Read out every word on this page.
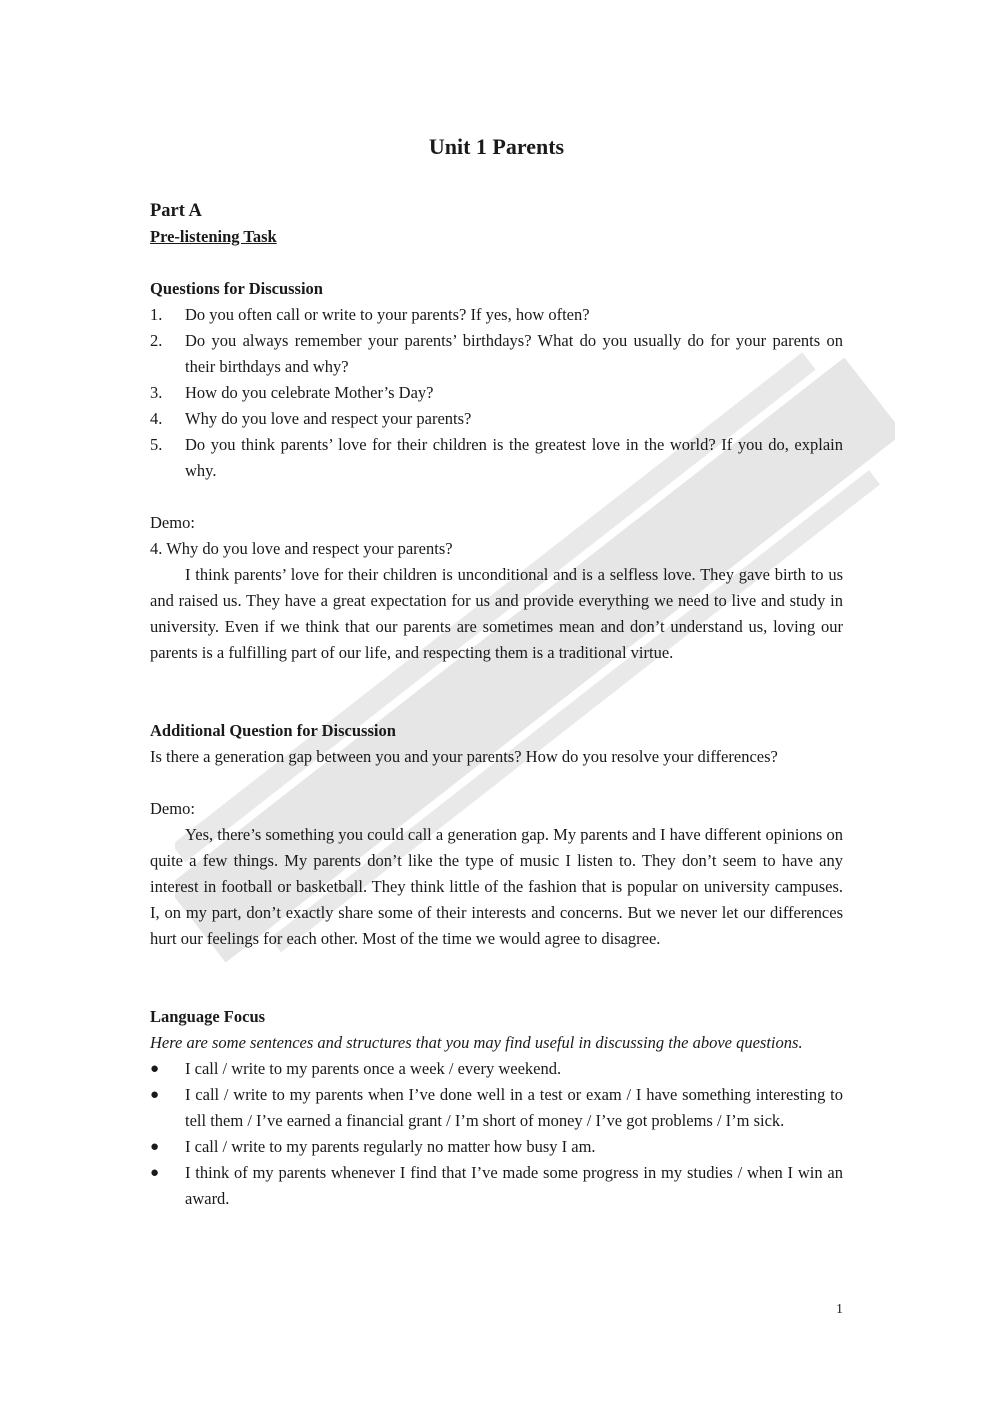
Unit 1 Parents

Part A

Pre-listening Task

Questions for Discussion

1. Do you often call or write to your parents? If yes, how often?
2. Do you always remember your parents’ birthdays? What do you usually do for your parents on their birthdays and why?
3. How do you celebrate Mother’s Day?
4. Why do you love and respect your parents?
5. Do you think parents’ love for their children is the greatest love in the world? If you do, explain why.

Demo:

4. Why do you love and respect your parents?

I think parents’ love for their children is unconditional and is a selfless love. They gave birth to us and raised us. They have a great expectation for us and provide everything we need to live and study in university. Even if we think that our parents are sometimes mean and don’t understand us, loving our parents is a fulfilling part of our life, and respecting them is a traditional virtue.

Additional Question for Discussion

Is there a generation gap between you and your parents? How do you resolve your differences?

Demo:

Yes, there’s something you could call a generation gap. My parents and I have different opinions on quite a few things. My parents don’t like the type of music I listen to. They don’t seem to have any interest in football or basketball. They think little of the fashion that is popular on university campuses. I, on my part, don’t exactly share some of their interests and concerns. But we never let our differences hurt our feelings for each other. Most of the time we would agree to disagree.

Language Focus

Here are some sentences and structures that you may find useful in discussing the above questions.

● I call / write to my parents once a week / every weekend.
● I call / write to my parents when I’ve done well in a test or exam / I have something interesting to tell them / I’ve earned a financial grant / I’m short of money / I’ve got problems / I’m sick.
● I call / write to my parents regularly no matter how busy I am.
● I think of my parents whenever I find that I’ve made some progress in my studies / when I win an award.
1
